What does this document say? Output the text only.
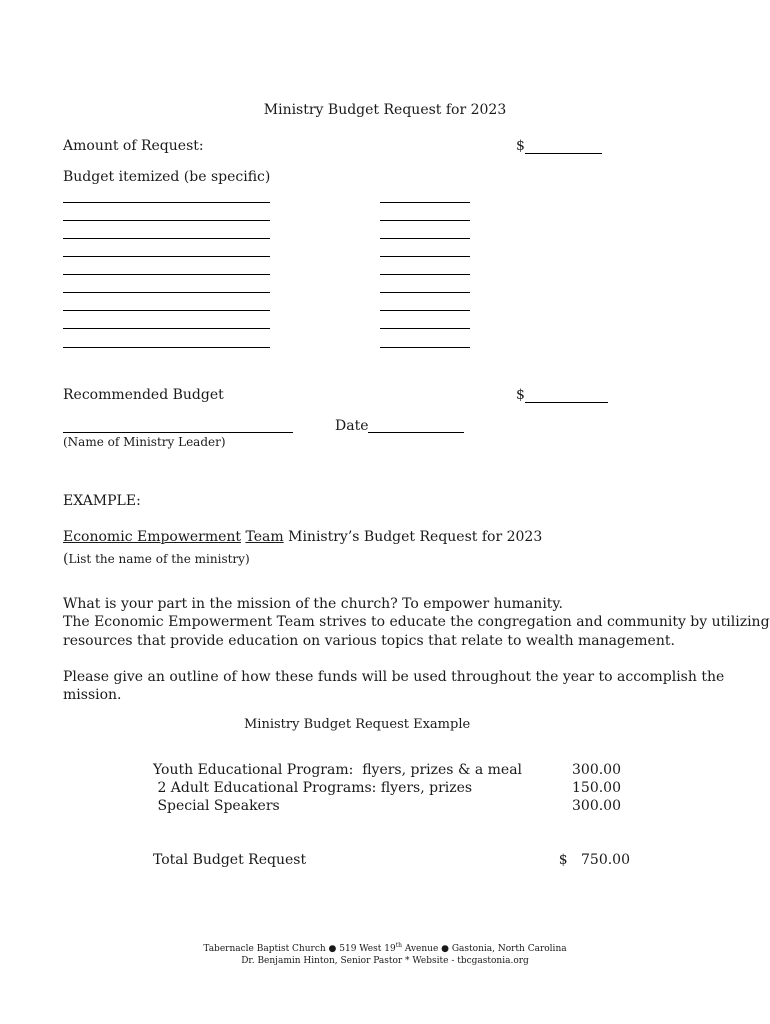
Ministry Budget Request for 2023
Amount of Request:	$
Budget itemized (be specific)
Recommended Budget	$
Date
(Name of Ministry Leader)
EXAMPLE:
Economic Empowerment Team Ministry’s Budget Request for 2023
(List the name of the ministry)
What is your part in the mission of the church? To empower humanity.
The Economic Empowerment Team strives to educate the congregation and community by utilizing
resources that provide education on various topics that relate to wealth management.
Please give an outline of how these funds will be used throughout the year to accomplish the
mission.
Ministry Budget Request Example
Youth Educational Program:  flyers, prizes & a meal	300.00
2 Adult Educational Programs: flyers, prizes	150.00
Special Speakers	300.00
Total Budget Request	$   750.00
Tabernacle Baptist Church ● 519 West 19th Avenue ● Gastonia, North Carolina
Dr. Benjamin Hinton, Senior Pastor * Website - tbcgastonia.org
